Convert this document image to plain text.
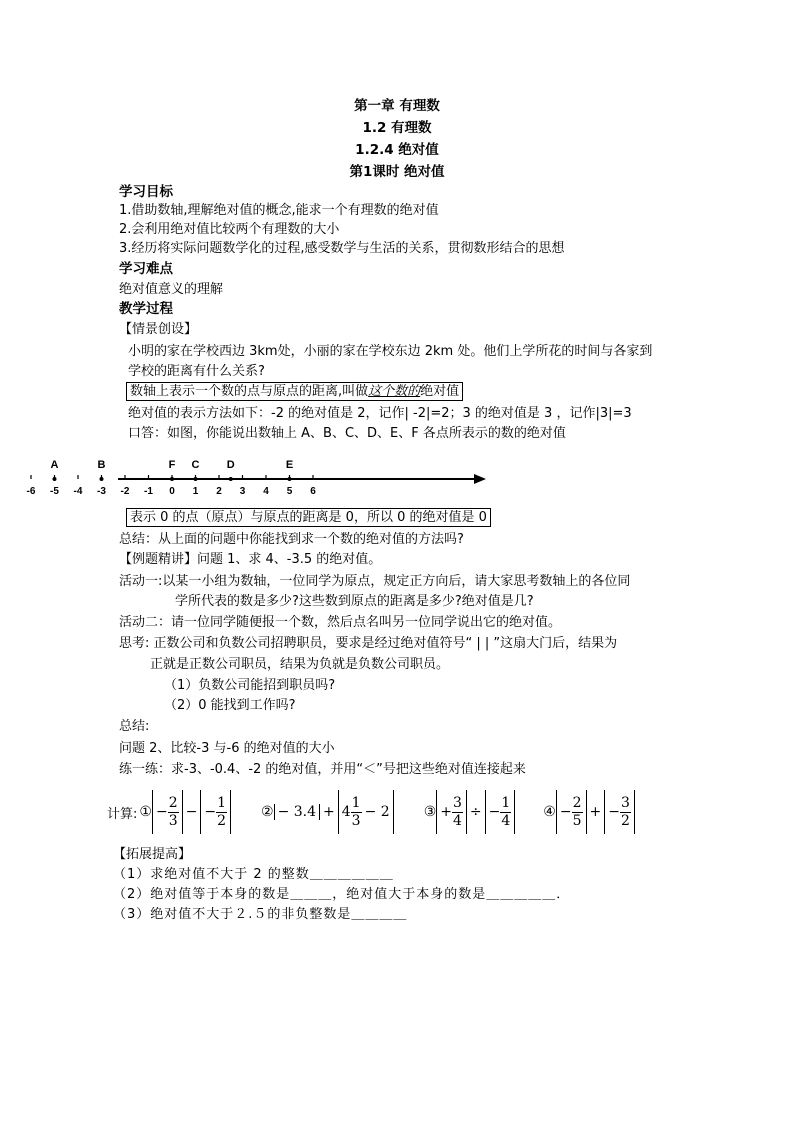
第一章 有理数
1.2 有理数
1.2.4 绝对值
第1课时 绝对值
学习目标
1.借助数轴,理解绝对值的概念,能求一个有理数的绝对值
2.会利用绝对值比较两个有理数的大小
3.经历将实际问题数学化的过程,感受数学与生活的关系，贯彻数形结合的思想
学习难点
绝对值意义的理解
教学过程
【情景创设】
小明的家在学校西边 3km处，小丽的家在学校东边 2km 处。他们上学所花的时间与各家到
学校的距离有什么关系?
数轴上表示一个数的点与原点的距离,叫做这个数的绝对值
绝对值的表示方法如下：-2 的绝对值是 2，记作| -2|=2；3 的绝对值是 3 ，记作|3|=3
口答：如图，你能说出数轴上 A、B、C、D、E、F 各点所表示的数的绝对值
-6 -5 -4 -3 -2 -1 0 1 2 3 4 5 6
A	B	F C D	E
表示 0 的点（原点）与原点的距离是 0，所以 0 的绝对值是 0
总结：从上面的问题中你能找到求一个数的绝对值的方法吗?
【例题精讲】问题 1、求 4、-3.5 的绝对值。
活动一:以某一小组为数轴，一位同学为原点，规定正方向后，请大家思考数轴上的各位同
学所代表的数是多少?这些数到原点的距离是多少?绝对值是几?
活动二：请一位同学随便报一个数，然后点名叫另一位同学说出它的绝对值。
思考: 正数公司和负数公司招聘职员，要求是经过绝对值符号“ | | ”这扇大门后，结果为
正就是正数公司职员，结果为负就是负数公司职员。
（1）负数公司能招到职员吗?
（2）0 能找到工作吗?
总结:
问题 2、比较-3 与-6 的绝对值的大小
练一练：求-3、-0.4、-2 的绝对值，并用“＜”号把这些绝对值连接起来
计算: ① − $\frac{2}{3}$ − − $\frac{1}{2}$ ② − $3.4 + 4 \frac{1}{3} - 2$ ③ + $\frac{3}{4}$ ÷ − $\frac{1}{4}$ ④ − $\frac{2}{5}$ + − $\frac{3}{2}$
【拓展提高】
（1）求绝对值不大于 2 的整数＿＿＿＿＿＿
（2）绝对值等于本身的数是＿＿＿，绝对值大于本身的数是＿＿＿＿＿．
（3）绝对值不大于２.５的非负整数是＿＿＿＿
